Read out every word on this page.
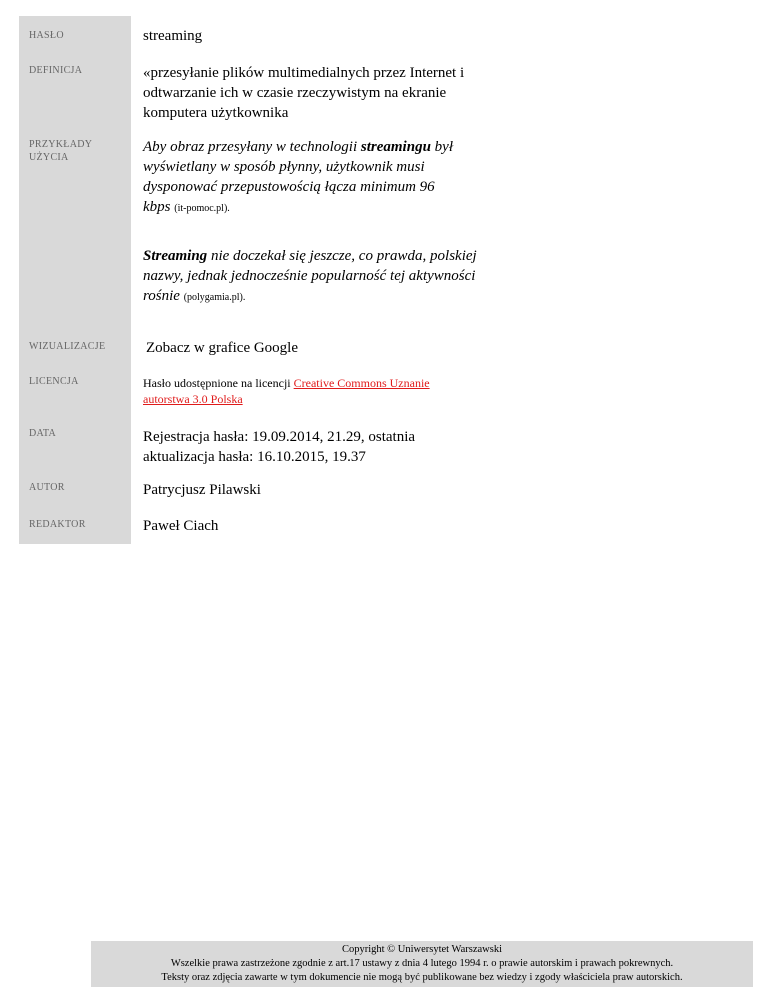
HASŁO
DEFINICJA
PRZYKŁADY
UŻYCIA
WIZUALIZACJE
LICENCJA
DATA
AUTOR
REDAKTOR
streaming
«przesyłanie plików multimedialnych przez Internet i odtwarzanie ich w czasie rzeczywistym na ekranie komputera użytkownika
Aby obraz przesyłany w technologii streamingu był wyświetlany w sposób płynny, użytkownik musi dysponować przepustowością łącza minimum 96 kbps (it-pomoc.pl).
Streaming nie doczekał się jeszcze, co prawda, polskiej nazwy, jednak jednocześnie popularność tej aktywności rośnie (polygamia.pl).
Zobacz w grafice Google
Hasło udostępnione na licencji Creative Commons Uznanie autorstwa 3.0 Polska
Rejestracja hasła: 19.09.2014, 21.29, ostatnia aktualizacja hasła: 16.10.2015, 19.37
Patrycjusz Pilawski
Paweł Ciach
Copyright © Uniwersytet Warszawski
Wszelkie prawa zastrzeżone zgodnie z art.17 ustawy z dnia 4 lutego 1994 r. o prawie autorskim i prawach pokrewnych.
Teksty oraz zdjęcia zawarte w tym dokumencie nie mogą być publikowane bez wiedzy i zgody właściciela praw autorskich.
